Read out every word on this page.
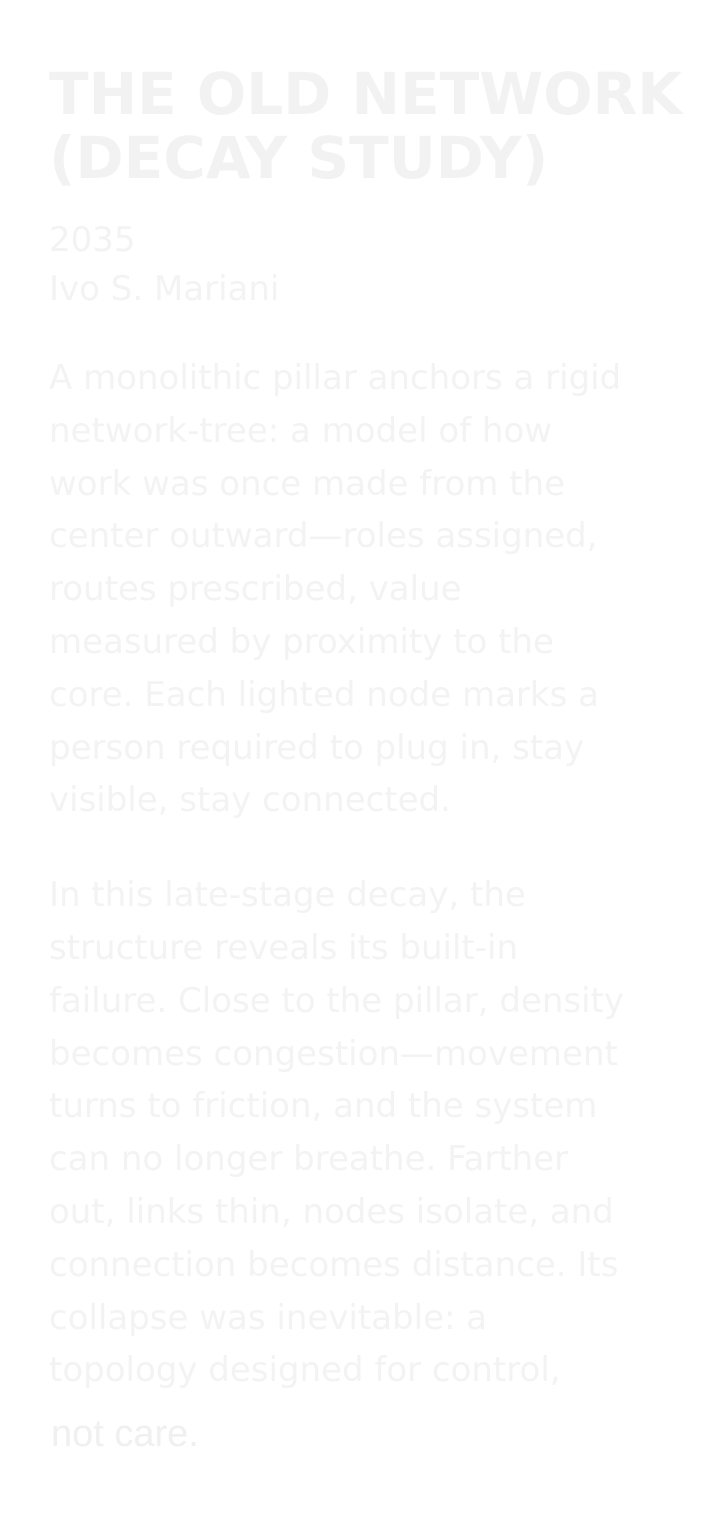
THE OLD NETWORK
(DECAY STUDY)
2035
Ivo S. Mariani
A monolithic pillar anchors a rigid
network-tree: a model of how
work was once made from the
center outward—roles assigned,
routes prescribed, value
measured by proximity to the
core. Each lighted node marks a
person required to plug in, stay
visible, stay connected.
In this late-stage decay, the
structure reveals its built-in
failure. Close to the pillar, density
becomes congestion—movement
turns to friction, and the system
can no longer breathe. Farther
out, links thin, nodes isolate, and
connection becomes distance. Its
collapse was inevitable: a
topology designed for control,
not care.
